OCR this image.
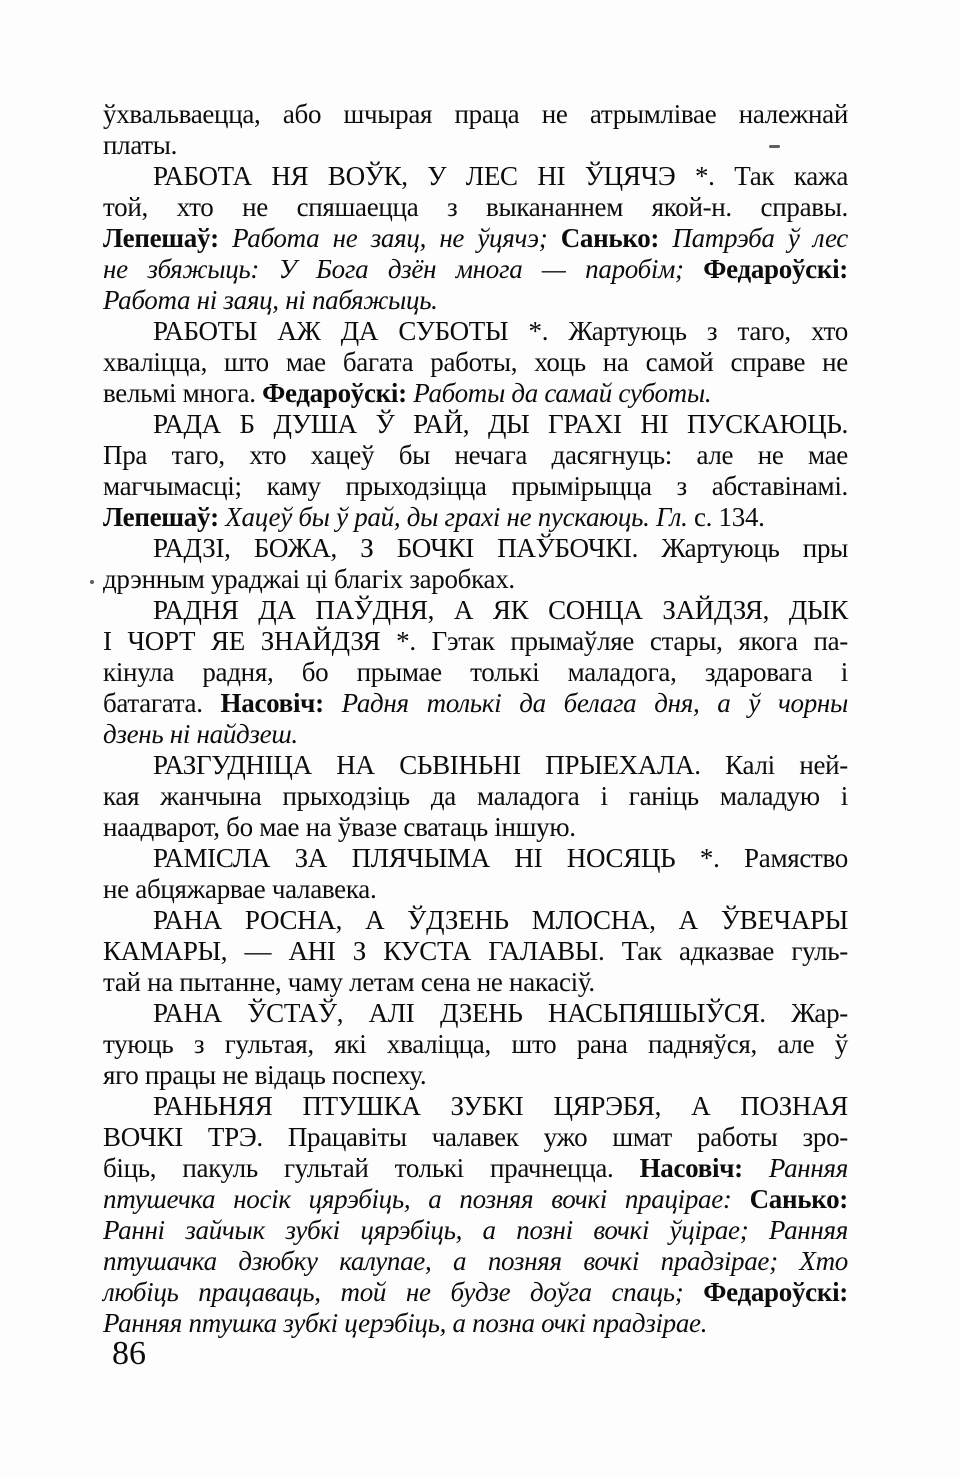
ўхвальваецца, або шчырая праца не атрымлівае належнай
платы.
РАБОТА НЯ ВОЎК, У ЛЕС НІ ЎЦЯЧЭ *. Так кажа
той, хто не спяшаецца з выкананнем якой-н. справы.
Лепешаў: Работа не заяц, не ўцячэ; Санько: Патрэба ў лес
не збяжыць: У Бога дзён многа — паробім; Федароўскі:
Работа ні заяц, ні пабяжыць.
РАБОТЫ АЖ ДА СУБОТЫ *. Жартуюць з таго, хто
хваліцца, што мае багата работы, хоць на самой справе не
вельмі многа. Федароўскі: Работы да самай суботы.
РАДА Б ДУША Ў РАЙ, ДЫ ГРАХІ НІ ПУСКАЮЦЬ.
Пра таго, хто хацеў бы нечага дасягнуць: але не мае
магчымасці; каму прыходзіцца прымірыцца з абставінамі.
Лепешаў: Хацеў бы ў рай, ды грахі не пускаюць. Гл. с. 134.
РАДЗІ, БОЖА, З БОЧКІ ПАЎБОЧКІ. Жартуюць пры
дрэнным ураджаі ці благіх заробках.
РАДНЯ ДА ПАЎДНЯ, А ЯК СОНЦА ЗАЙДЗЯ, ДЫК
І ЧОРТ ЯЕ ЗНАЙДЗЯ *. Гэтак прымаўляе стары, якога па-
кінула радня, бо прымае толькі маладога, здаровага і
батагата. Насовіч: Радня толькі да белага дня, а ў чорны
дзень ні найдзеш.
РАЗГУДНІЦА НА СЬВІНЬНІ ПРЫЕХАЛА. Калі ней-
кая жанчына прыходзіць да маладога і ганіць маладую і
наадварот, бо мае на ўвазе сватаць іншую.
РАМІСЛА ЗА ПЛЯЧЫМА НІ НОСЯЦЬ *. Рамяство
не абцяжарвае чалавека.
РАНА РОСНА, А ЎДЗЕНЬ МЛОСНА, А ЎВЕЧАРЫ
КАМАРЫ, — АНІ З КУСТА ГАЛАВЫ. Так адказвае гуль-
тай на пытанне, чаму летам сена не накасіў.
РАНА ЎСТАЎ, АЛІ ДЗЕНЬ НАСЬПЯШЫЎСЯ. Жар-
туюць з гультая, які хваліцца, што рана падняўся, але ў
яго працы не відаць поспеху.
РАНЬНЯЯ ПТУШКА ЗУБКІ ЦЯРЭБЯ, А ПОЗНАЯ
ВОЧКІ ТРЭ. Працавіты чалавек ужо шмат работы зро-
біць, пакуль гультай толькі прачнецца. Насовіч: Ранняя
птушечка носік цярэбіць, а позняя вочкі працірае: Санько:
Ранні зайчык зубкі цярэбіць, а позні вочкі ўцірае; Ранняя
птушачка дзюбку калупае, а позняя вочкі прадзірае; Хто
любіць працаваць, той не будзе доўга спаць; Федароўскі:
Ранняя птушка зубкі церэбіць, а позна очкі прадзірае.
86
